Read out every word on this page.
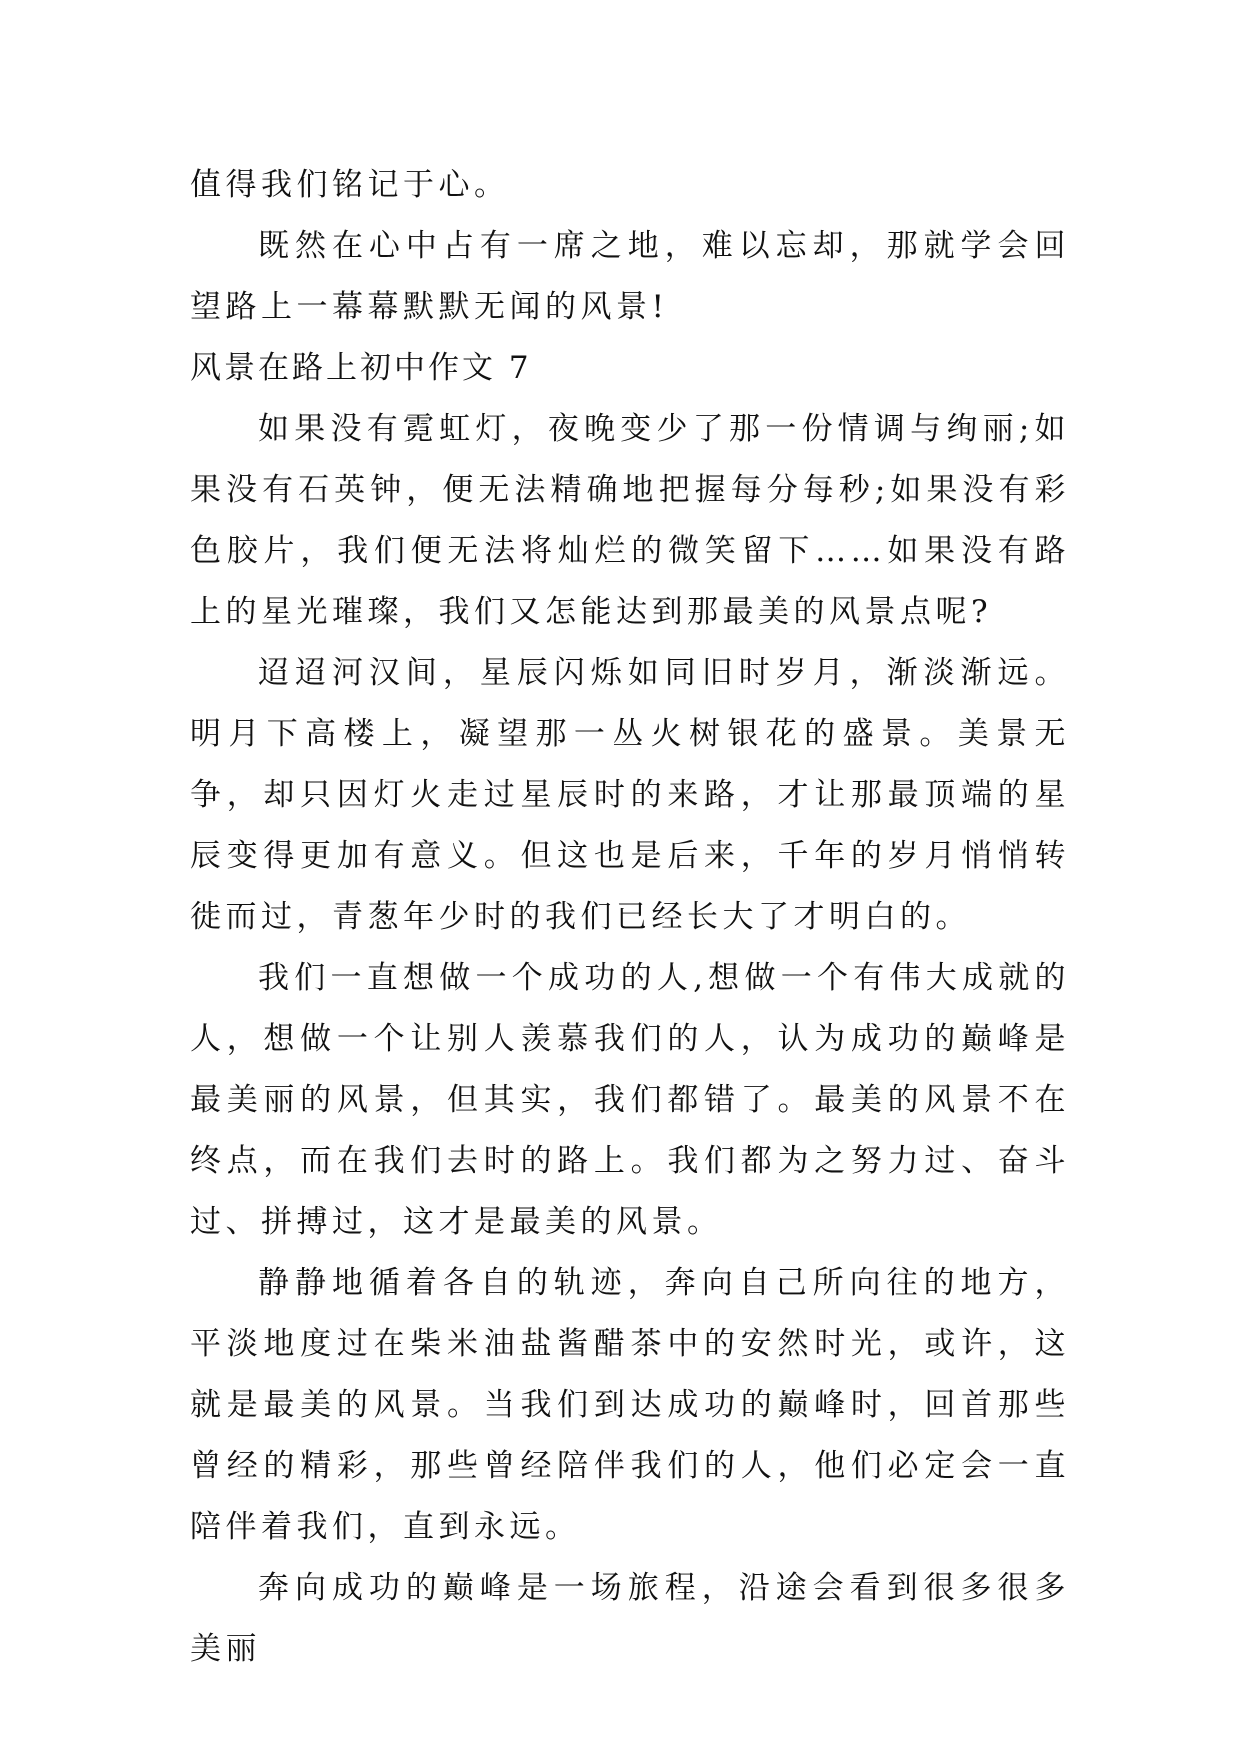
值得我们铭记于心。

既然在心中占有一席之地，难以忘却，那就学会回望路上一幕幕默默无闻的风景!

风景在路上初中作文 7

如果没有霓虹灯，夜晚变少了那一份情调与绚丽;如果没有石英钟，便无法精确地把握每分每秒;如果没有彩色胶片，我们便无法将灿烂的微笑留下……如果没有路上的星光璀璨，我们又怎能达到那最美的风景点呢?

迢迢河汉间，星辰闪烁如同旧时岁月，渐淡渐远。明月下高楼上，凝望那一丛火树银花的盛景。美景无争，却只因灯火走过星辰时的来路，才让那最顶端的星辰变得更加有意义。但这也是后来，千年的岁月悄悄转徙而过，青葱年少时的我们已经长大了才明白的。

我们一直想做一个成功的人,想做一个有伟大成就的人，想做一个让别人羡慕我们的人，认为成功的巅峰是最美丽的风景，但其实，我们都错了。最美的风景不在终点，而在我们去时的路上。我们都为之努力过、奋斗过、拼搏过，这才是最美的风景。

静静地循着各自的轨迹，奔向自己所向往的地方，平淡地度过在柴米油盐酱醋茶中的安然时光，或许，这就是最美的风景。当我们到达成功的巅峰时，回首那些曾经的精彩，那些曾经陪伴我们的人，他们必定会一直陪伴着我们，直到永远。

奔向成功的巅峰是一场旅程，沿途会看到很多很多美丽
